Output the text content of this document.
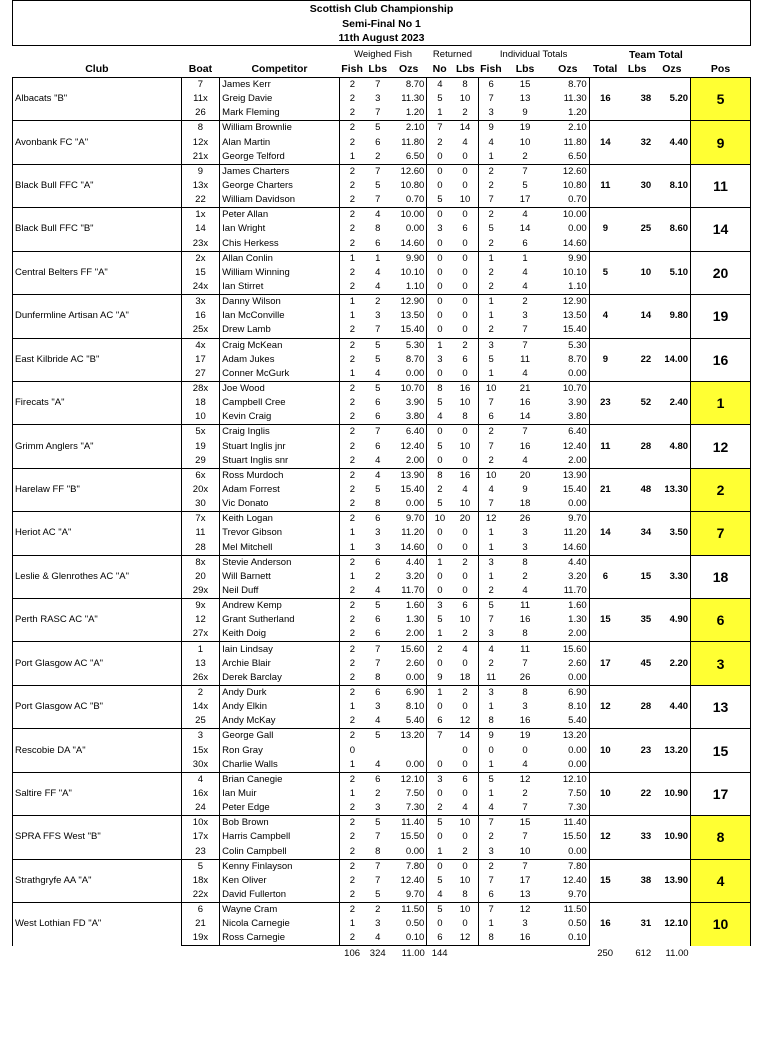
Scottish Club Championship
Semi-Final No 1
11th August 2023
			Weighed Fish			Returned		Individual Totals				Team Total		
Club	Boat	Competitor	Fish	Lbs	Ozs	No	Lbs	Fish	Lbs	Ozs	Total	Lbs	Ozs	Pos
Albacats "B"	7	James Kerr	2	7	8.70	4	8	6	15	8.70	16	38	5.20	5
	11x	Greig Davie	2	3	11.30	5	10	7	13	11.30				
	26	Mark Fleming	2	7	1.20	1	2	3	9	1.20				
Avonbank FC "A"	8	William Brownlie	2	5	2.10	7	14	9	19	2.10	14	32	4.40	9
	12x	Alan Martin	2	6	11.80	2	4	4	10	11.80				
	21x	George Telford	1	2	6.50	0	0	1	2	6.50				
Black Bull FFC "A"	9	James Charters	2	7	12.60	0	0	2	7	12.60	11	30	8.10	11
	13x	George Charters	2	5	10.80	0	0	2	5	10.80				
	22	William Davidson	2	7	0.70	5	10	7	17	0.70				
Black Bull FFC "B"	1x	Peter Allan	2	4	10.00	0	0	2	4	10.00	9	25	8.60	14
	14	Ian Wright	2	8	0.00	3	6	5	14	0.00				
	23x	Chis Herkess	2	6	14.60	0	0	2	6	14.60				
Central Belters FF "A"	2x	Allan Conlin	1	1	9.90	0	0	1	1	9.90	5	10	5.10	20
	15	William Winning	2	4	10.10	0	0	2	4	10.10				
	24x	Ian Stirret	2	4	1.10	0	0	2	4	1.10				
Dunfermline Artisan AC "A"	3x	Danny Wilson	1	2	12.90	0	0	1	2	12.90	4	14	9.80	19
	16	Ian McConville	1	3	13.50	0	0	1	3	13.50				
	25x	Drew Lamb	2	7	15.40	0	0	2	7	15.40				
East Kilbride AC "B"	4x	Craig McKean	2	5	5.30	1	2	3	7	5.30	9	22	14.00	16
	17	Adam Jukes	2	5	8.70	3	6	5	11	8.70				
	27	Conner McGurk	1	4	0.00	0	0	1	4	0.00				
Firecats "A"	28x	Joe Wood	2	5	10.70	8	16	10	21	10.70	23	52	2.40	1
	18	Campbell Cree	2	6	3.90	5	10	7	16	3.90				
	10	Kevin Craig	2	6	3.80	4	8	6	14	3.80				
Grimm Anglers "A"	5x	Craig Inglis	2	7	6.40	0	0	2	7	6.40	11	28	4.80	12
	19	Stuart Inglis jnr	2	6	12.40	5	10	7	16	12.40				
	29	Stuart Inglis snr	2	4	2.00	0	0	2	4	2.00				
Harelaw FF "B"	6x	Ross Murdoch	2	4	13.90	8	16	10	20	13.90	21	48	13.30	2
	20x	Adam Forrest	2	5	15.40	2	4	4	9	15.40				
	30	Vic Donato	2	8	0.00	5	10	7	18	0.00				
Heriot AC "A"	7x	Keith Logan	2	6	9.70	10	20	12	26	9.70	14	34	3.50	7
	11	Trevor Gibson	1	3	11.20	0	0	1	3	11.20				
	28	Mel Mitchell	1	3	14.60	0	0	1	3	14.60				
Leslie & Glenrothes AC "A"	8x	Stevie Anderson	2	6	4.40	1	2	3	8	4.40	6	15	3.30	18
	20	Will Barnett	1	2	3.20	0	0	1	2	3.20				
	29x	Neil Duff	2	4	11.70	0	0	2	4	11.70				
Perth RASC AC "A"	9x	Andrew Kemp	2	5	1.60	3	6	5	11	1.60	15	35	4.90	6
	12	Grant Sutherland	2	6	1.30	5	10	7	16	1.30				
	27x	Keith Doig	2	6	2.00	1	2	3	8	2.00				
Port Glasgow AC "A"	1	Iain Lindsay	2	7	15.60	2	4	4	11	15.60	17	45	2.20	3
	13	Archie Blair	2	7	2.60	0	0	2	7	2.60				
	26x	Derek Barclay	2	8	0.00	9	18	11	26	0.00				
Port Glasgow AC "B"	2	Andy Durk	2	6	6.90	1	2	3	8	6.90	12	28	4.40	13
	14x	Andy Elkin	1	3	8.10	0	0	1	3	8.10				
	25	Andy McKay	2	4	5.40	6	12	8	16	5.40				
Rescobie DA "A"	3	George Gall	2	5	13.20	7	14	9	19	13.20	10	23	13.20	15
	15x	Ron Gray	0				0	0	0	0.00				
	30x	Charlie Walls	1	4	0.00	0	0	1	4	0.00				
Saltire FF "A"	4	Brian Canegie	2	6	12.10	3	6	5	12	12.10	10	22	10.90	17
	16x	Ian Muir	1	2	7.50	0	0	1	2	7.50				
	24	Peter Edge	2	3	7.30	2	4	4	7	7.30				
SPRA FFS West "B"	10x	Bob Brown	2	5	11.40	5	10	7	15	11.40	12	33	10.90	8
	17x	Harris Campbell	2	7	15.50	0	0	2	7	15.50				
	23	Colin Campbell	2	8	0.00	1	2	3	10	0.00				
Strathgryfe AA "A"	5	Kenny Finlayson	2	7	7.80	0	0	2	7	7.80	15	38	13.90	4
	18x	Ken Oliver	2	7	12.40	5	10	7	17	12.40				
	22x	David Fullerton	2	5	9.70	4	8	6	13	9.70				
West Lothian FD "A"	6	Wayne Cram	2	2	11.50	5	10	7	12	11.50	16	31	12.10	10
	21	Nicola Carnegie	1	3	0.50	0	0	1	3	0.50				
	19x	Ross Carnegie	2	4	0.10	6	12	8	16	0.10				
			106	324	11.00	144					250	612	11.00	
